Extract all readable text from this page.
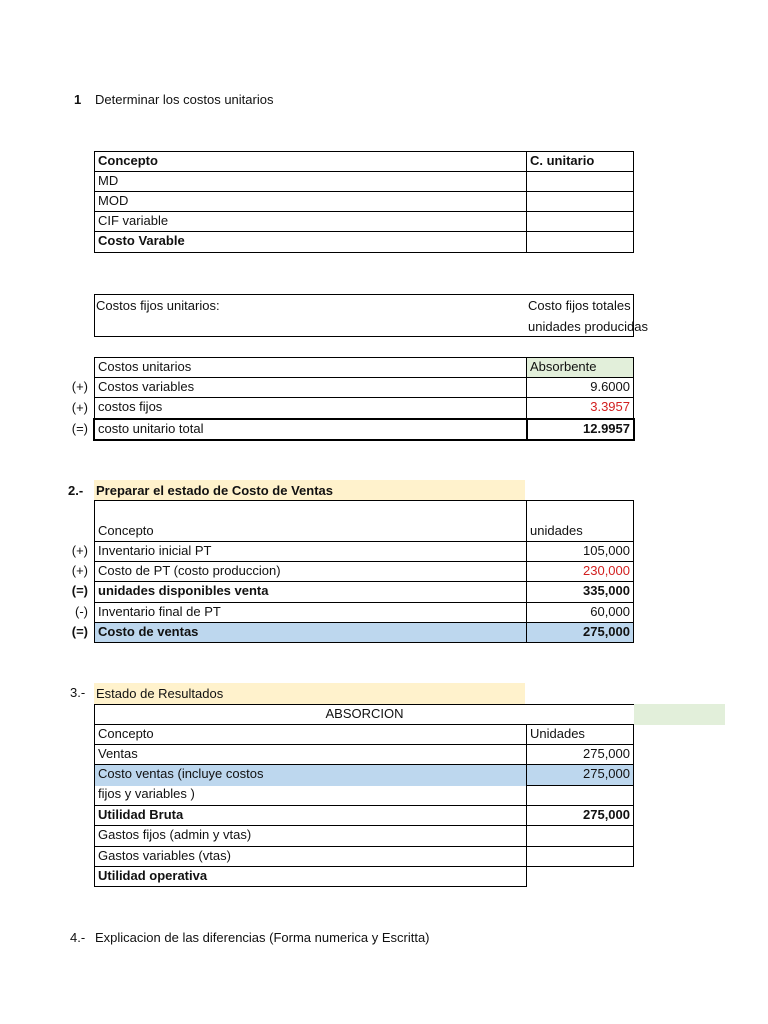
1 Determinar los costos unitarios
Concepto	C. unitario
MD
MOD
CIF variable
Costo Varable
Costos fijos unitarios:	Costo fijos totales
unidades producidas
Costos unitarios	Absorbente
(+) Costos variables	9.6000
(+) costos fijos	3.3957
(=) costo unitario total	12.9957
2.- Preparar el estado de Costo de Ventas
Concepto	unidades
(+) Inventario inicial PT	105,000
(+) Costo de PT (costo produccion)	230,000
(=) unidades disponibles venta	335,000
(-) Inventario final de PT	60,000
(=) Costo de ventas	275,000
3.- Estado de Resultados
ABSORCION
Concepto	Unidades
Ventas	275,000
Costo ventas (incluye costos	275,000
fijos y variables )
Utilidad Bruta	275,000
Gastos fijos (admin y vtas)
Gastos variables (vtas)
Utilidad operativa
4.- Explicacion de las diferencias (Forma numerica y Escritta)
